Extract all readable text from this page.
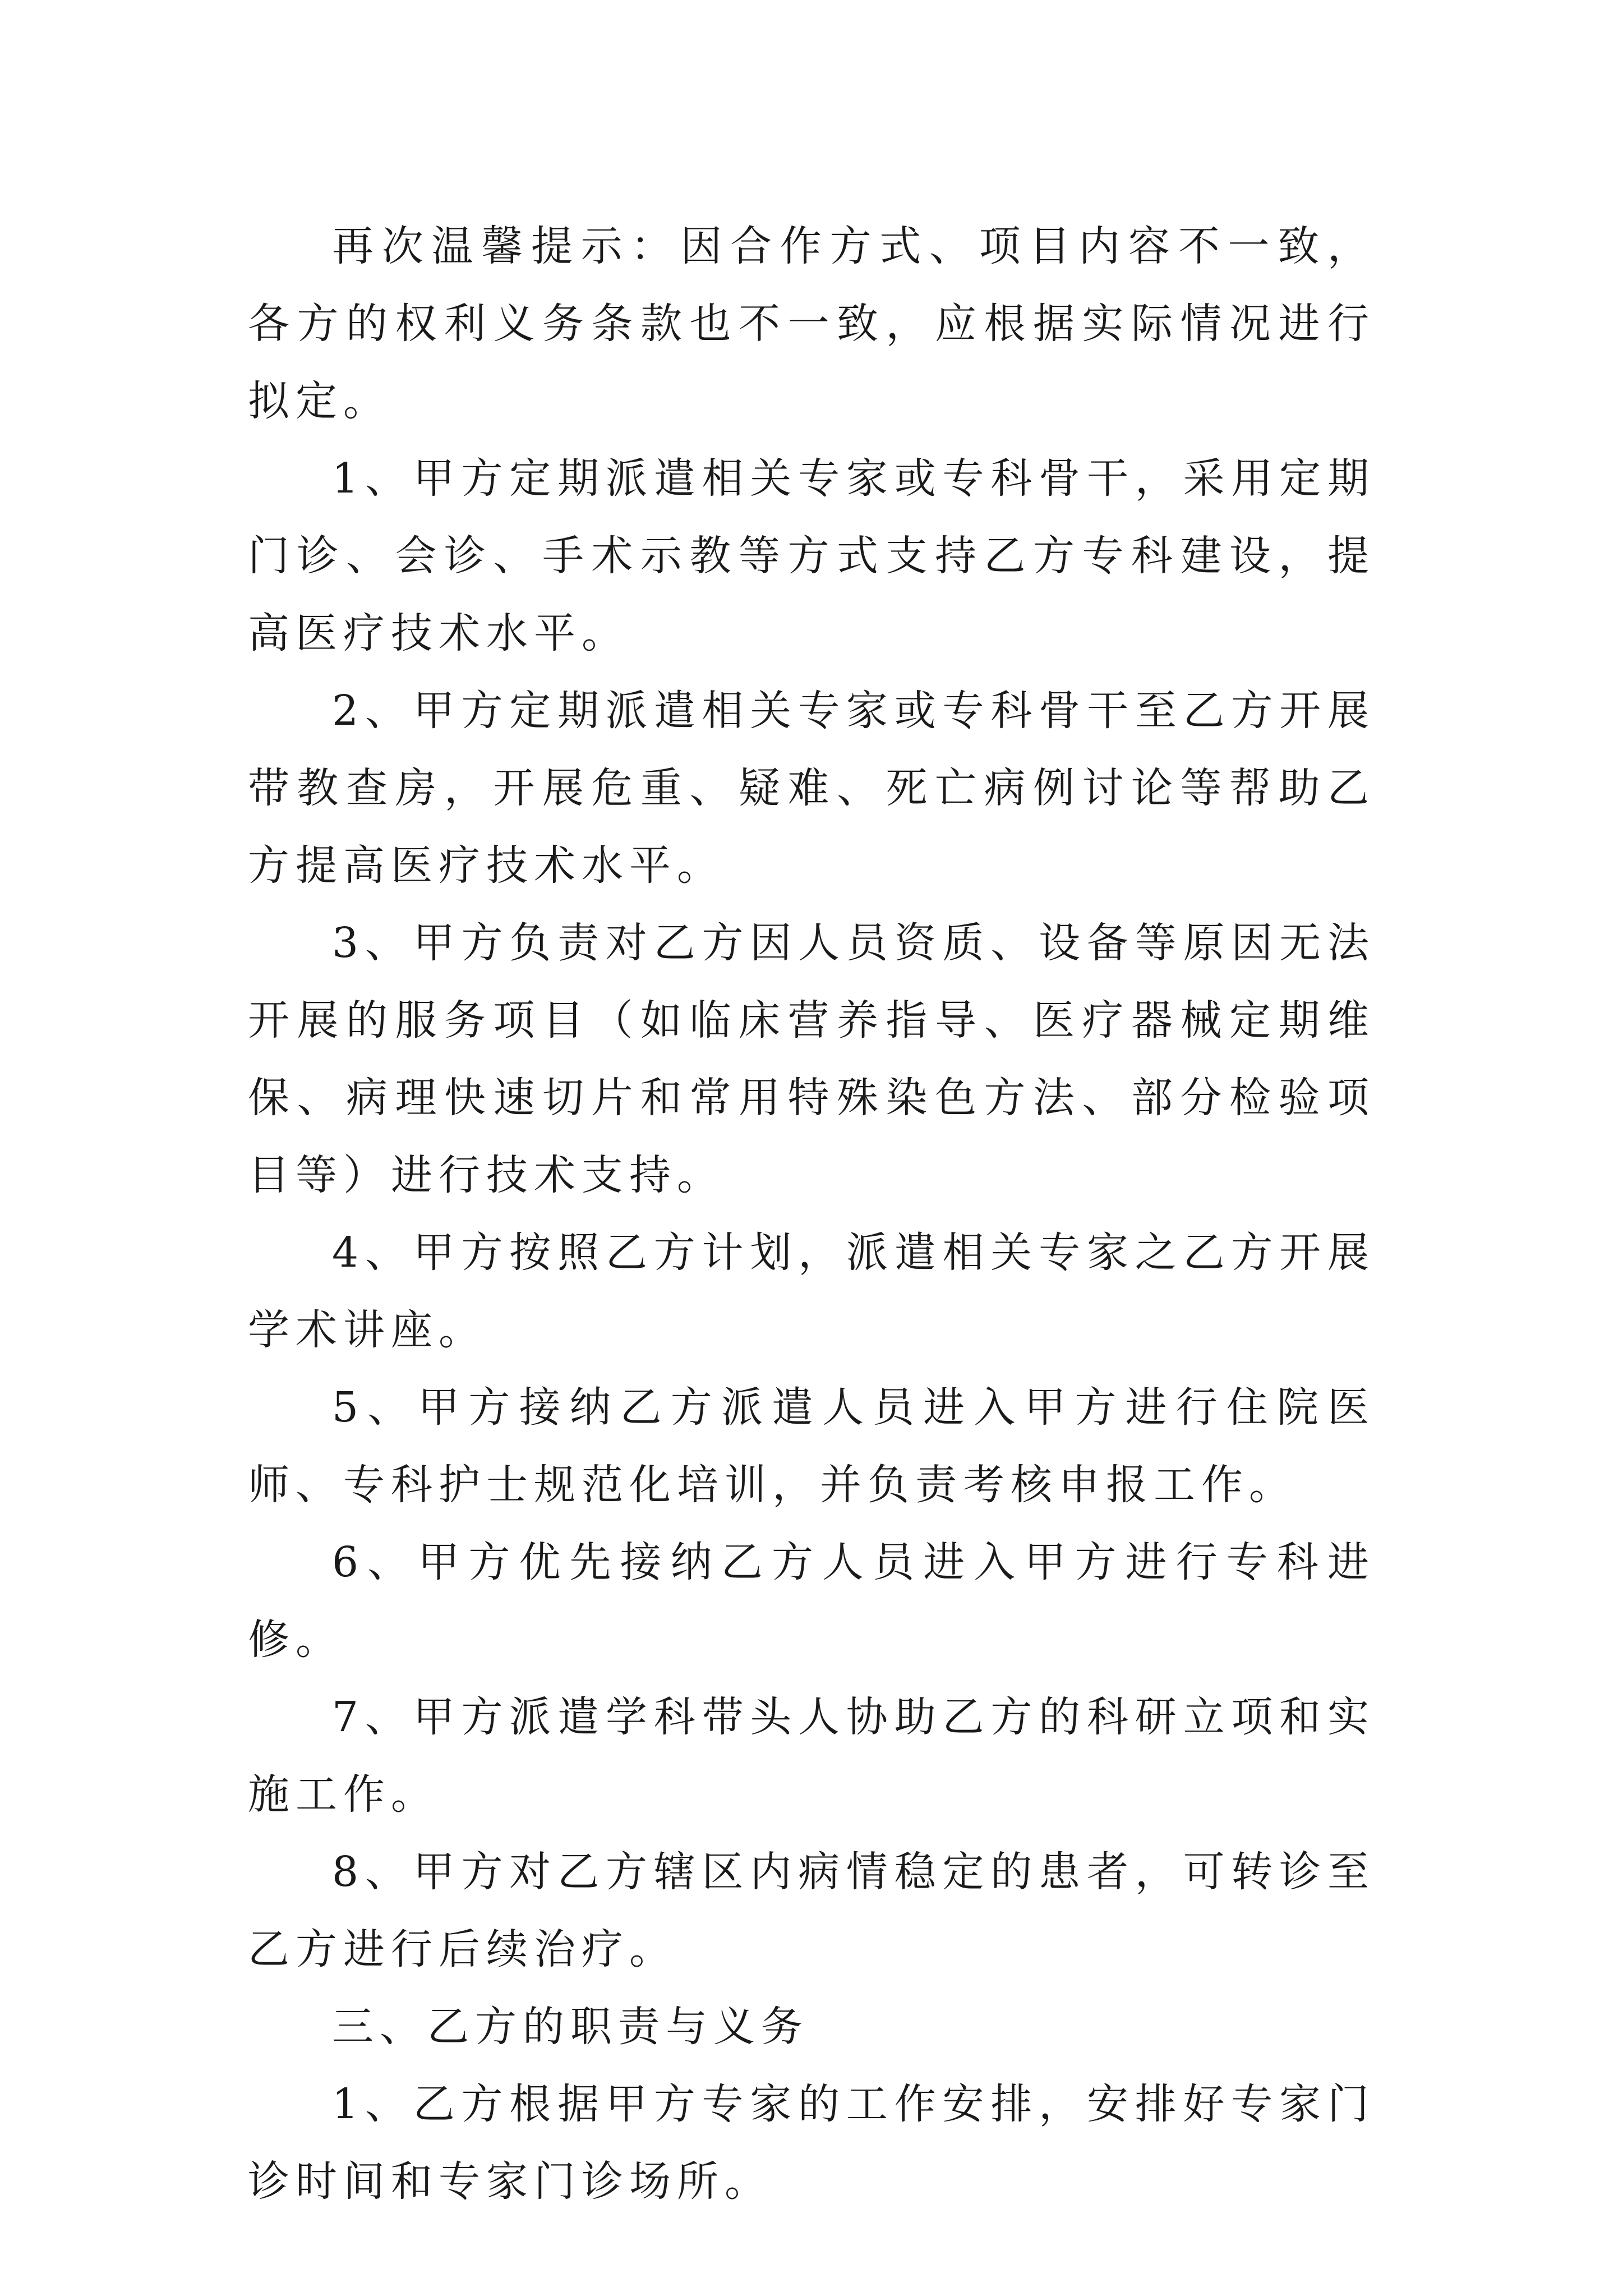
再次温馨提示：因合作方式、项目内容不一致，各方的权利义务条款也不一致，应根据实际情况进行拟定。

1、甲方定期派遣相关专家或专科骨干，采用定期门诊、会诊、手术示教等方式支持乙方专科建设，提高医疗技术水平。

2、甲方定期派遣相关专家或专科骨干至乙方开展带教查房，开展危重、疑难、死亡病例讨论等帮助乙方提高医疗技术水平。

3、甲方负责对乙方因人员资质、设备等原因无法开展的服务项目（如临床营养指导、医疗器械定期维保、病理快速切片和常用特殊染色方法、部分检验项目等）进行技术支持。

4、甲方按照乙方计划，派遣相关专家之乙方开展学术讲座。

5、甲方接纳乙方派遣人员进入甲方进行住院医师、专科护士规范化培训，并负责考核申报工作。

6、甲方优先接纳乙方人员进入甲方进行专科进修。

7、甲方派遣学科带头人协助乙方的科研立项和实施工作。

8、甲方对乙方辖区内病情稳定的患者，可转诊至乙方进行后续治疗。

三、乙方的职责与义务

1、乙方根据甲方专家的工作安排，安排好专家门诊时间和专家门诊场所。
